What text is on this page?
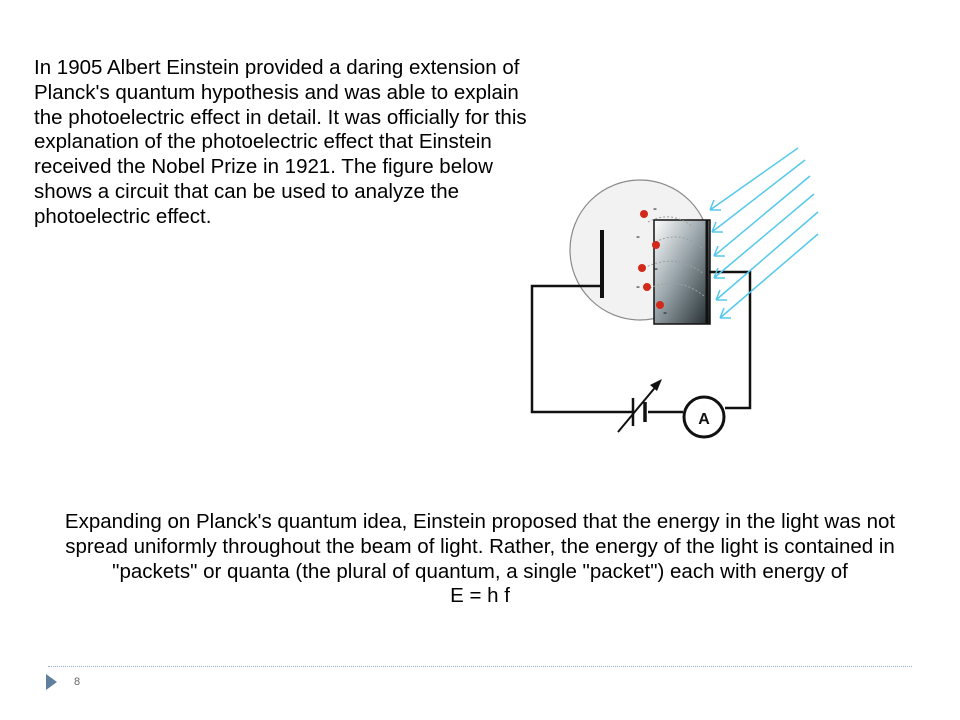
In 1905 Albert Einstein provided a daring extension of Planck's quantum hypothesis and was able to explain the photoelectric effect in detail. It was officially for this explanation of the photoelectric effect that Einstein received the Nobel Prize in 1921. The figure below shows a circuit that can be used to analyze the photoelectric effect.

A
-
-
-
-
-

Expanding on Planck's quantum idea, Einstein proposed that the energy in the light was not spread uniformly throughout the beam of light. Rather, the energy of the light is contained in "packets" or quanta (the plural of quantum, a single "packet") each with energy of

E = h f

8
